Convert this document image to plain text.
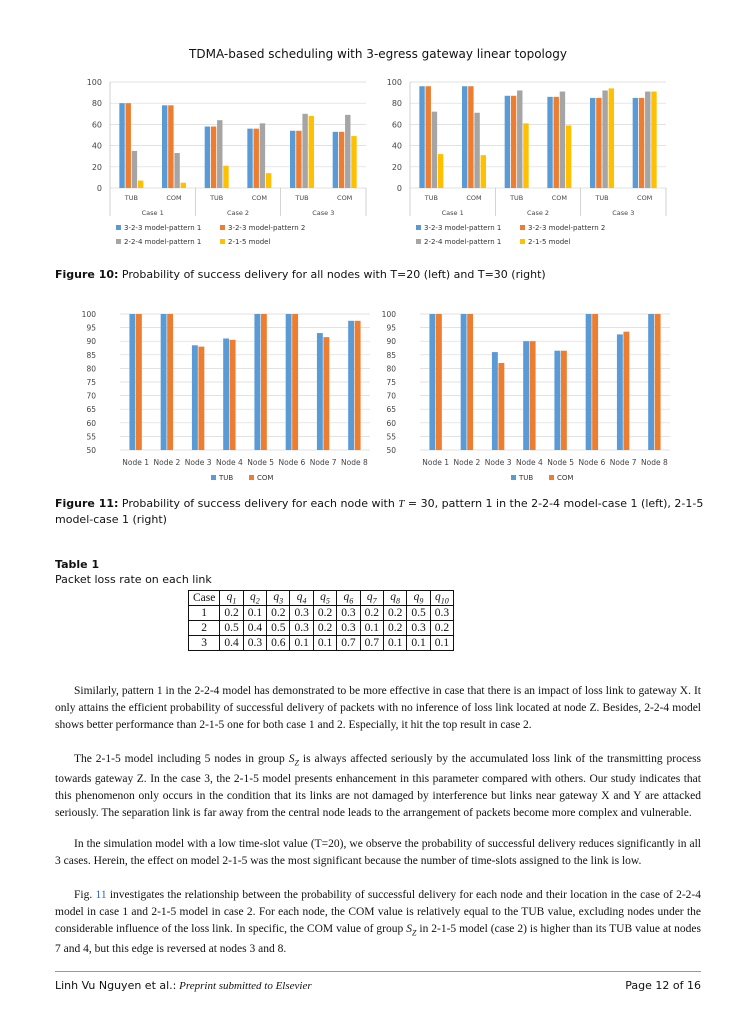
TDMA-based scheduling with 3-egress gateway linear topology
0
20
40
60
80
100
TUB	COM	TUB	COM	TUB	COM
Case 1	Case 2	Case 3
3-2-3 model-pattern 1	3-2-3 model-pattern 2
2-2-4 model-pattern 1	2-1-5 model
0
20
40
60
80
100
TUB	COM	TUB	COM	TUB	COM
Case 1	Case 2	Case 3
3-2-3 model-pattern 1	3-2-3 model-pattern 2
2-2-4 model-pattern 1	2-1-5 model
Figure 10: Probability of success delivery for all nodes with T=20 (left) and T=30 (right)
50
55
60
65
70
75
80
85
90
95
100
Node 1 Node 2 Node 3 Node 4 Node 5 Node 6 Node 7 Node 8
TUB	COM
50
55
60
65
70
75
80
85
90
95
100
Node 1 Node 2 Node 3 Node 4 Node 5 Node 6 Node 7 Node 8
TUB	COM
Figure 11: Probability of success delivery for each node with T = 30, pattern 1 in the 2-2-4 model-case 1 (left), 2-1-5 model-case 1 (right)
Table 1
Packet loss rate on each link
Case	$q_1$	$q_2$	$q_3$	$q_4$	$q_5$	$q_6$	$q_7$	$q_8$	$q_9$	$q_{10}$
1	0.2	0.1	0.2	0.3	0.2	0.3	0.2	0.2	0.5	0.3
2	0.5	0.4	0.5	0.3	0.2	0.3	0.1	0.2	0.3	0.2
3	0.4	0.3	0.6	0.1	0.1	0.7	0.7	0.1	0.1	0.1
Similarly, pattern 1 in the 2-2-4 model has demonstrated to be more effective in case that there is an impact of loss link to gateway X. It only attains the efficient probability of successful delivery of packets with no inference of loss link located at node Z. Besides, 2-2-4 model shows better performance than 2-1-5 one for both case 1 and 2. Especially, it hit the top result in case 2.
The 2-1-5 model including 5 nodes in group $S_Z$ is always affected seriously by the accumulated loss link of the transmitting process towards gateway Z. In the case 3, the 2-1-5 model presents enhancement in this parameter compared with others. Our study indicates that this phenomenon only occurs in the condition that its links are not damaged by interference but links near gateway X and Y are attacked seriously. The separation link is far away from the central node leads to the arrangement of packets become more complex and vulnerable.
In the simulation model with a low time-slot value (T=20), we observe the probability of successful delivery reduces significantly in all 3 cases. Herein, the effect on model 2-1-5 was the most significant because the number of time-slots assigned to the link is low.
Fig. 11 investigates the relationship between the probability of successful delivery for each node and their location in the case of 2-2-4 model in case 1 and 2-1-5 model in case 2. For each node, the COM value is relatively equal to the TUB value, excluding nodes under the considerable influence of the loss link. In specific, the COM value of group $S_Z$ in 2-1-5 model (case 2) is higher than its TUB value at nodes 7 and 4, but this edge is reversed at nodes 3 and 8.
Linh Vu Nguyen et al.: Preprint submitted to Elsevier	Page 12 of 16
